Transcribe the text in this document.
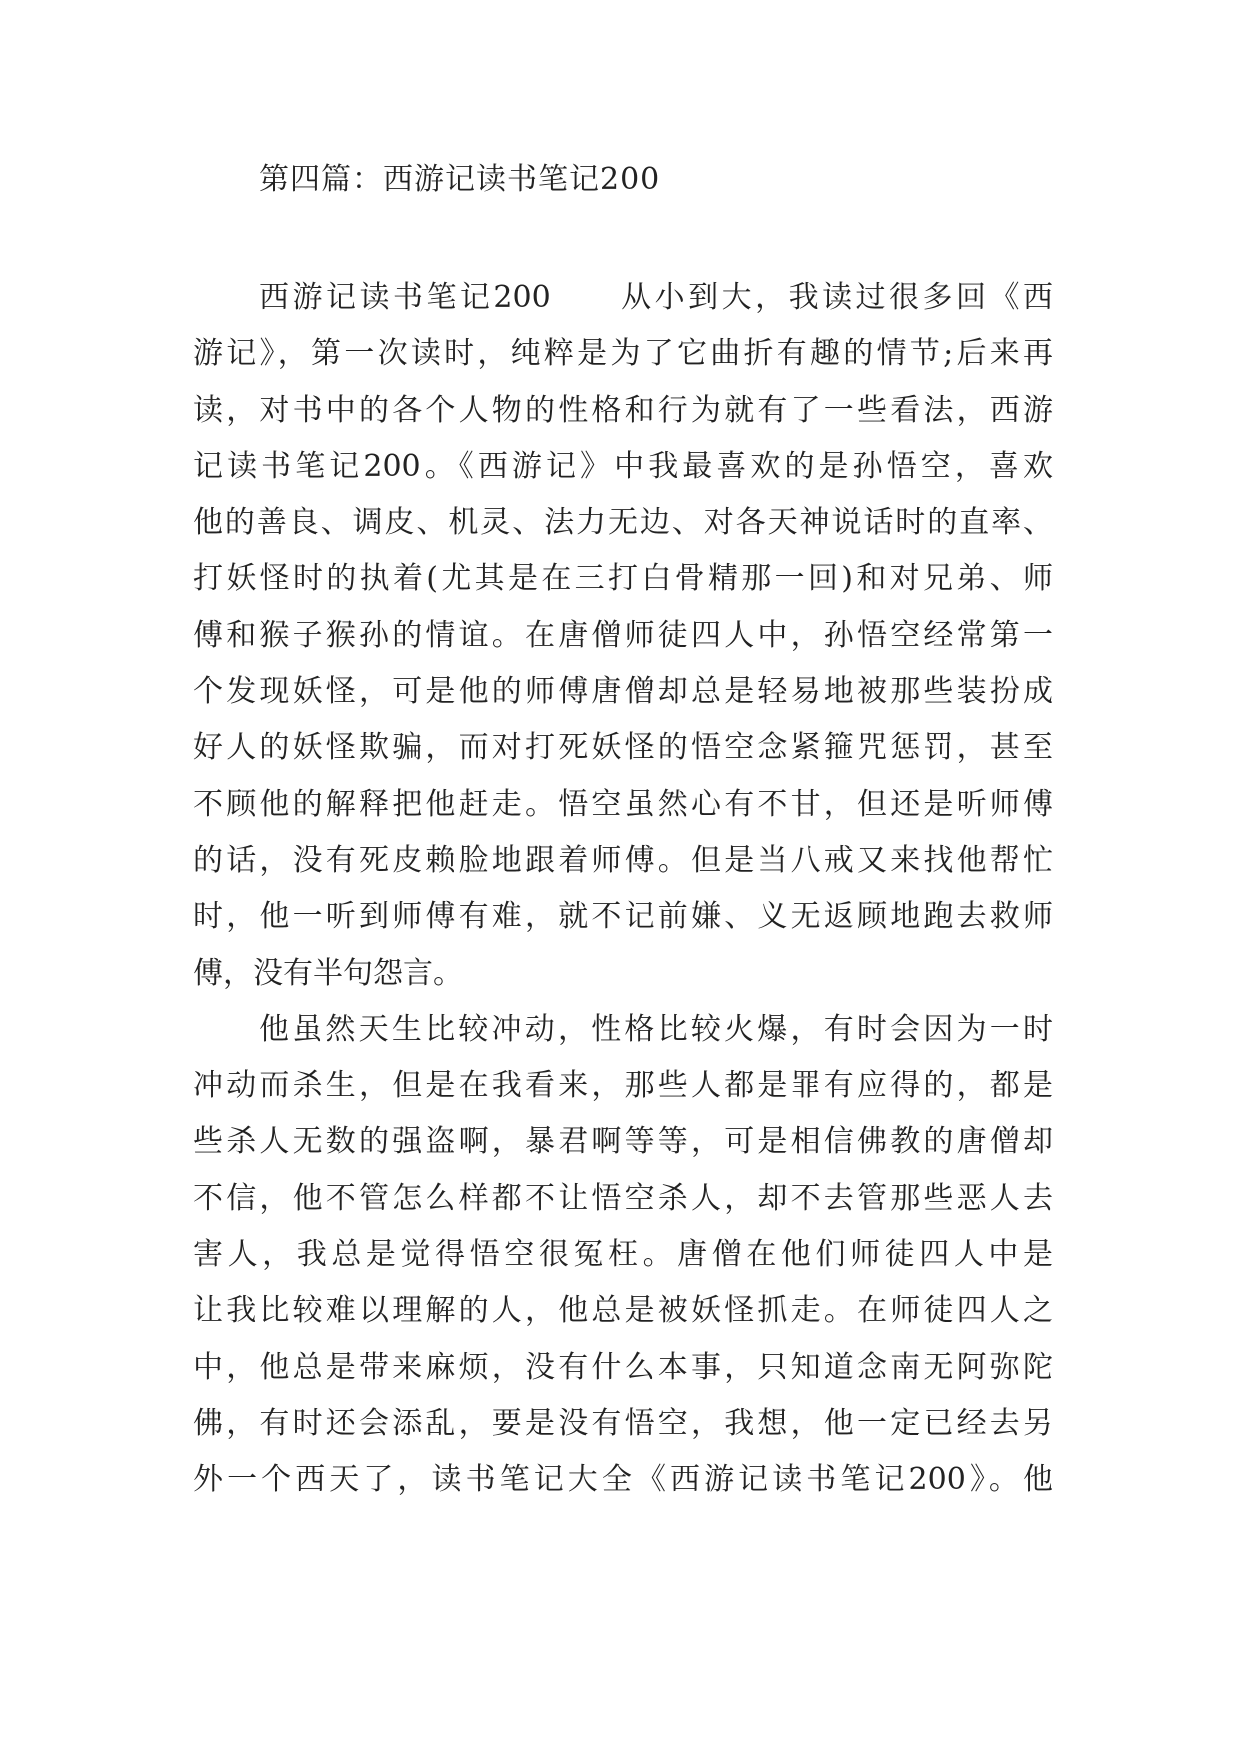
第四篇：西游记读书笔记200
西游记读书笔记200　　从小到大，我读过很多回《西
游记》，第一次读时，纯粹是为了它曲折有趣的情节;后来再
读，对书中的各个人物的性格和行为就有了一些看法，西游
记读书笔记200。《西游记》中我最喜欢的是孙悟空，喜欢
他的善良、调皮、机灵、法力无边、对各天神说话时的直率、
打妖怪时的执着(尤其是在三打白骨精那一回)和对兄弟、师
傅和猴子猴孙的情谊。在唐僧师徒四人中，孙悟空经常第一
个发现妖怪，可是他的师傅唐僧却总是轻易地被那些装扮成
好人的妖怪欺骗，而对打死妖怪的悟空念紧箍咒惩罚，甚至
不顾他的解释把他赶走。悟空虽然心有不甘，但还是听师傅
的话，没有死皮赖脸地跟着师傅。但是当八戒又来找他帮忙
时，他一听到师傅有难，就不记前嫌、义无返顾地跑去救师
傅，没有半句怨言。
他虽然天生比较冲动，性格比较火爆，有时会因为一时
冲动而杀生，但是在我看来，那些人都是罪有应得的，都是
些杀人无数的强盗啊，暴君啊等等，可是相信佛教的唐僧却
不信，他不管怎么样都不让悟空杀人，却不去管那些恶人去
害人，我总是觉得悟空很冤枉。唐僧在他们师徒四人中是
让我比较难以理解的人，他总是被妖怪抓走。在师徒四人之
中，他总是带来麻烦，没有什么本事，只知道念南无阿弥陀
佛，有时还会添乱，要是没有悟空，我想，他一定已经去另
外一个西天了，读书笔记大全《西游记读书笔记200》。他
